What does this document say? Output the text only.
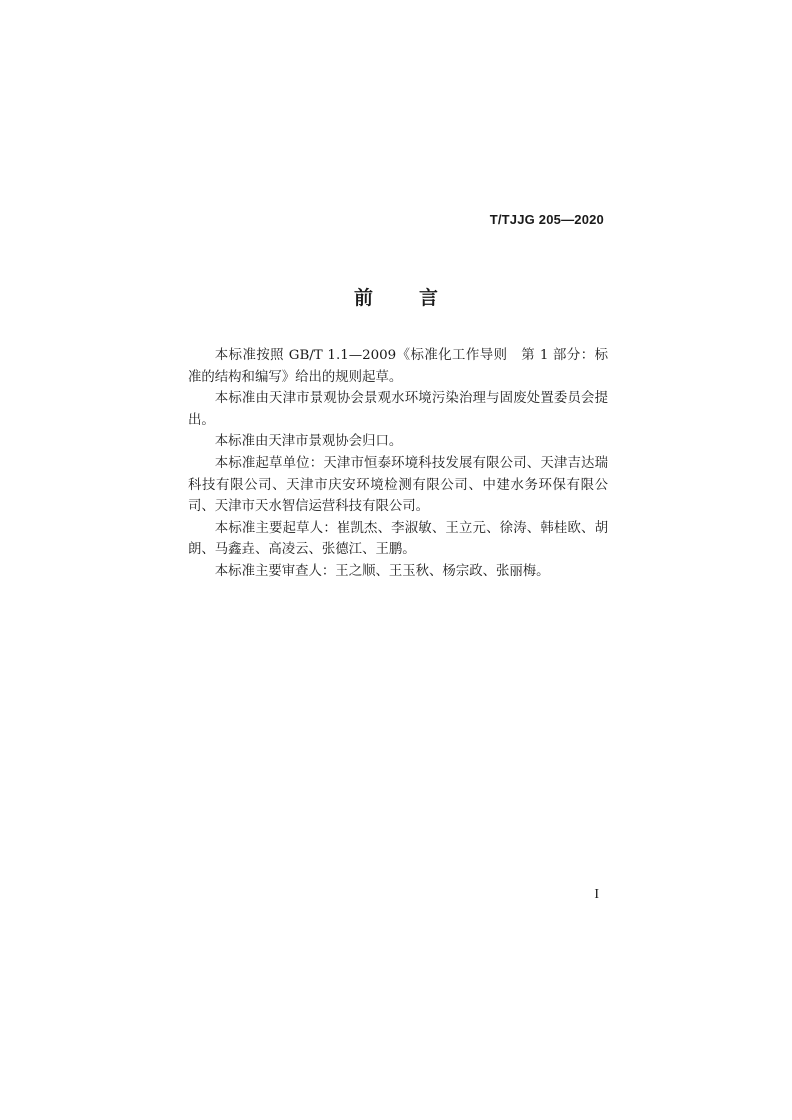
T/TJJG 205—2020
前 言

本标准按照 GB/T 1.1—2009《标准化工作导则　第 1 部分：标准的结构和编写》给出的规则起草。

本标准由天津市景观协会景观水环境污染治理与固废处置委员会提出。

本标准由天津市景观协会归口。

本标准起草单位：天津市恒泰环境科技发展有限公司、天津吉达瑞科技有限公司、天津市庆安环境检测有限公司、中建水务环保有限公司、天津市天水智信运营科技有限公司。

本标准主要起草人：崔凯杰、李淑敏、王立元、徐涛、韩桂欧、胡朗、马鑫垚、高凌云、张德江、王鹏。

本标准主要审查人：王之顺、王玉秋、杨宗政、张丽梅。

I
